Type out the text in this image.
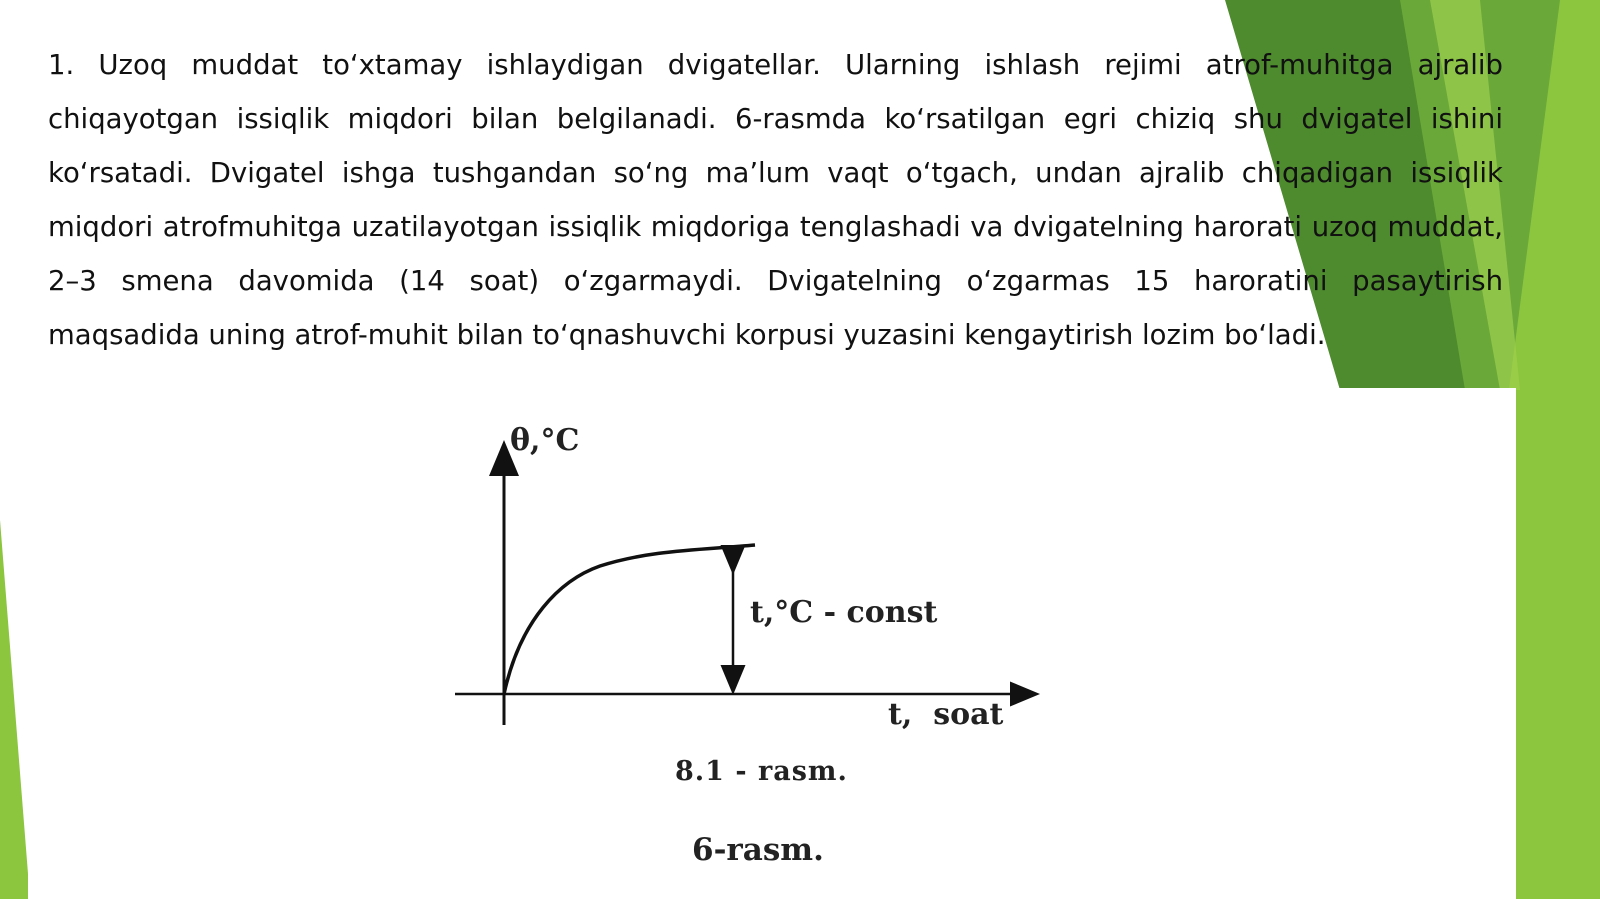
1. Uzoq muddat to‘xtamay ishlaydigan dvigatellar. Ularning ishlash rejimi atrof-muhitga ajralib chiqayotgan issiqlik miqdori bilan belgilanadi. 6-rasmda ko‘rsatilgan egri chiziq shu dvigatel ishini ko‘rsatadi. Dvigatel ishga tushgandan so‘ng ma’lum vaqt o‘tgach, undan ajralib chiqadigan issiqlik miqdori atrofmuhitga uzatilayotgan issiqlik miqdoriga tenglashadi va dvigatelning harorati uzoq muddat, 2–3 smena davomida (14 soat) o‘zgarmaydi. Dvigatelning o‘zgarmas 15 haroratini pasaytirish maqsadida uning atrof-muhit bilan to‘qnashuvchi korpusi yuzasini kengaytirish lozim bo‘ladi.

θ,°C
t,°C - const
t,  soat
8.1 - rasm.
6-rasm.
